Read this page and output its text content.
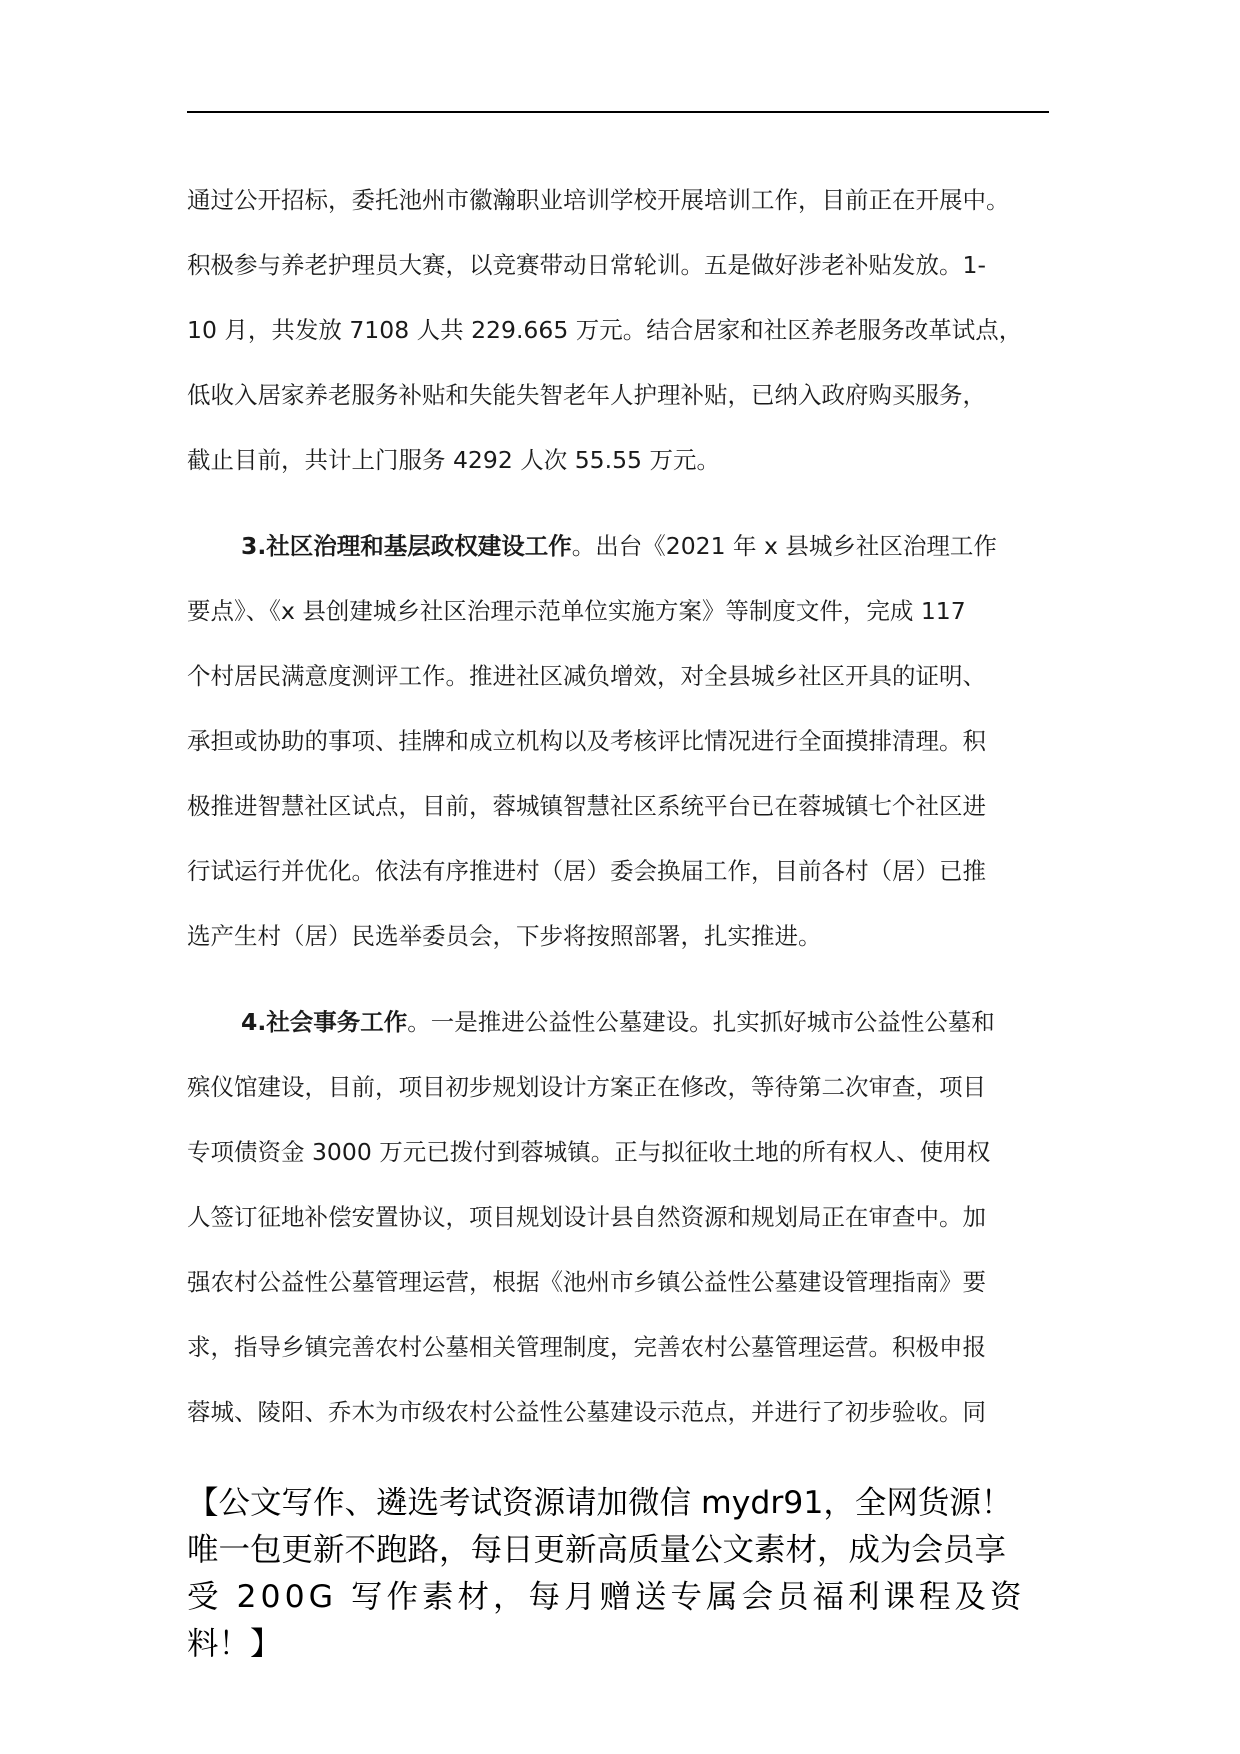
通过公开招标，委托池州市徽瀚职业培训学校开展培训工作，目前正在开展中。
积极参与养老护理员大赛，以竞赛带动日常轮训。五是做好涉老补贴发放。1-
10 月，共发放 7108 人共 229.665 万元。结合居家和社区养老服务改革试点，
低收入居家养老服务补贴和失能失智老年人护理补贴，已纳入政府购买服务，
截止目前，共计上门服务 4292 人次 55.55 万元。
3.社区治理和基层政权建设工作。出台《2021 年 x 县城乡社区治理工作
要点》、《x 县创建城乡社区治理示范单位实施方案》等制度文件，完成 117
个村居民满意度测评工作。推进社区减负增效，对全县城乡社区开具的证明、
承担或协助的事项、挂牌和成立机构以及考核评比情况进行全面摸排清理。积
极推进智慧社区试点，目前，蓉城镇智慧社区系统平台已在蓉城镇七个社区进
行试运行并优化。依法有序推进村（居）委会换届工作，目前各村（居）已推
选产生村（居）民选举委员会，下步将按照部署，扎实推进。
4.社会事务工作。一是推进公益性公墓建设。扎实抓好城市公益性公墓和
殡仪馆建设，目前，项目初步规划设计方案正在修改，等待第二次审查，项目
专项债资金 3000 万元已拨付到蓉城镇。正与拟征收土地的所有权人、使用权
人签订征地补偿安置协议，项目规划设计县自然资源和规划局正在审查中。加
强农村公益性公墓管理运营，根据《池州市乡镇公益性公墓建设管理指南》要
求，指导乡镇完善农村公墓相关管理制度，完善农村公墓管理运营。积极申报
蓉城、陵阳、乔木为市级农村公益性公墓建设示范点，并进行了初步验收。同
【公文写作、遴选考试资源请加微信 mydr91，全网货源！
唯一包更新不跑路，每日更新高质量公文素材，成为会员享
受 200G 写作素材，每月赠送专属会员福利课程及资
料！】
